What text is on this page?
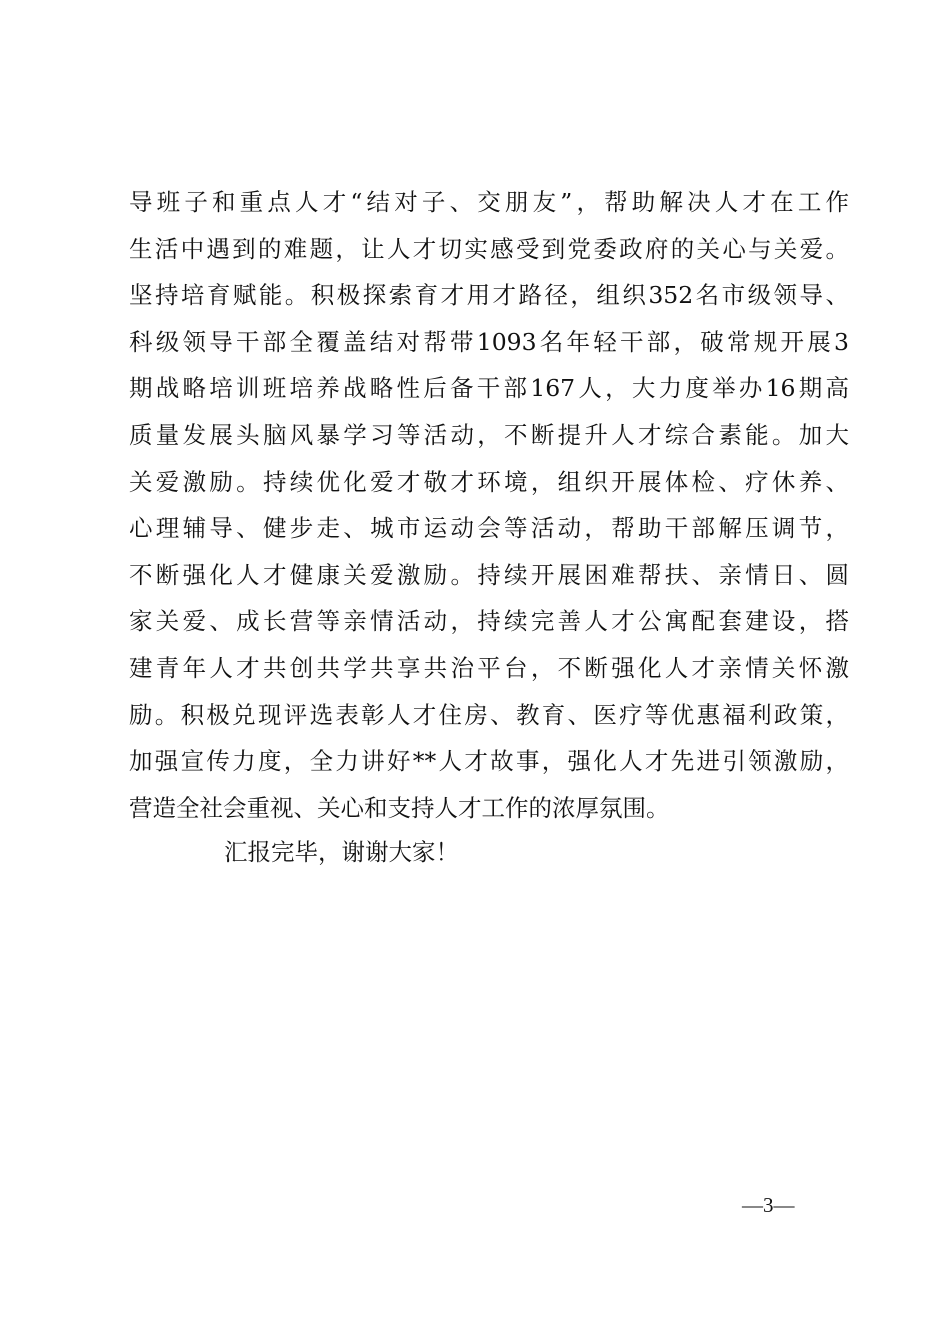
导班子和重点人才“结对子、交朋友”，帮助解决人才在工作
生活中遇到的难题，让人才切实感受到党委政府的关心与关爱。
坚持培育赋能。积极探索育才用才路径，组织352名市级领导、
科级领导干部全覆盖结对帮带1093名年轻干部，破常规开展3
期战略培训班培养战略性后备干部167人，大力度举办16期高
质量发展头脑风暴学习等活动，不断提升人才综合素能。加大
关爱激励。持续优化爱才敬才环境，组织开展体检、疗休养、
心理辅导、健步走、城市运动会等活动，帮助干部解压调节，
不断强化人才健康关爱激励。持续开展困难帮扶、亲情日、圆
家关爱、成长营等亲情活动，持续完善人才公寓配套建设，搭
建青年人才共创共学共享共治平台，不断强化人才亲情关怀激
励。积极兑现评选表彰人才住房、教育、医疗等优惠福利政策，
加强宣传力度，全力讲好**人才故事，强化人才先进引领激励，
营造全社会重视、关心和支持人才工作的浓厚氛围。
汇报完毕，谢谢大家！
—3—
